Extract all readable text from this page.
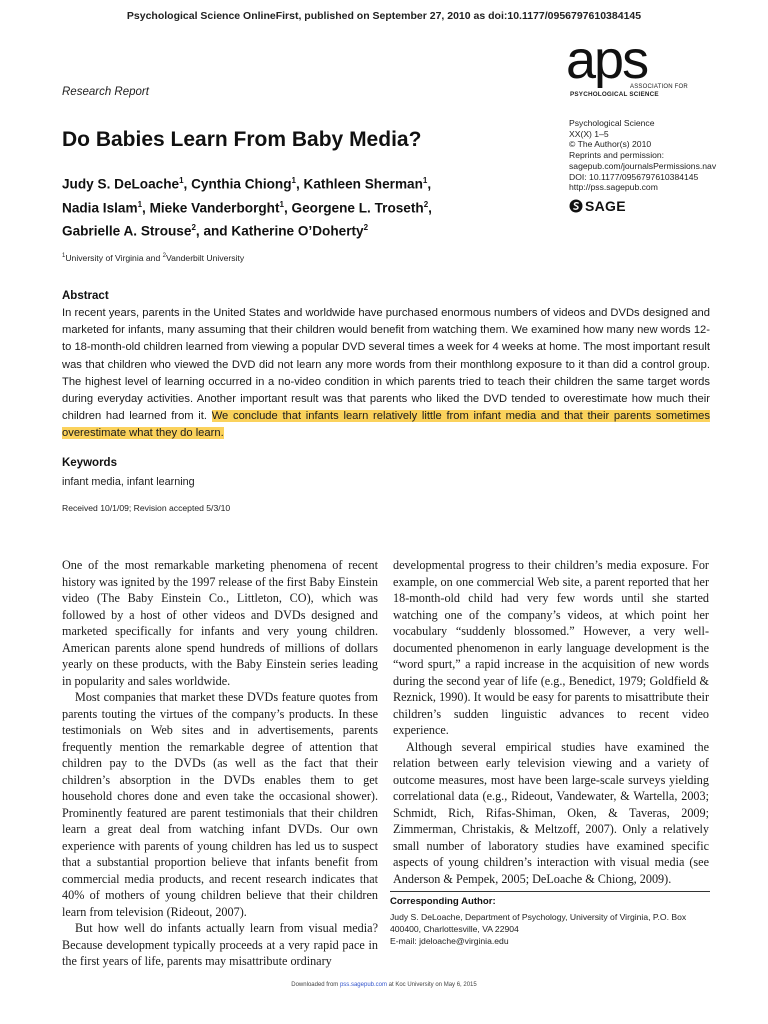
Psychological Science OnlineFirst, published on September 27, 2010 as doi:10.1177/0956797610384145
aps
ASSOCIATION FOR
PSYCHOLOGICAL SCIENCE
Research Report
Do Babies Learn From Baby Media?
Psychological Science
XX(X) 1–5
© The Author(s) 2010
Reprints and permission:
sagepub.com/journalsPermissions.nav
DOI: 10.1177/0956797610384145
http://pss.sagepub.com
SAGE
Judy S. DeLoache$^1$, Cynthia Chiong$^1$, Kathleen Sherman$^1$,
Nadia Islam$^1$, Mieke Vanderborght$^1$, Georgene L. Troseth$^2$,
Gabrielle A. Strouse$^2$, and Katherine O’Doherty$^2$
$^1$University of Virginia and $^2$Vanderbilt University
Abstract
In recent years, parents in the United States and worldwide have purchased enormous numbers of videos and DVDs designed and marketed for infants, many assuming that their children would benefit from watching them. We examined how many new words 12- to 18-month-old children learned from viewing a popular DVD several times a week for 4 weeks at home. The most important result was that children who viewed the DVD did not learn any more words from their monthlong exposure to it than did a control group. The highest level of learning occurred in a no-video condition in which parents tried to teach their children the same target words during everyday activities. Another important result was that parents who liked the DVD tended to overestimate how much their children had learned from it. We conclude that infants learn relatively little from infant media and that their parents sometimes overestimate what they do learn.
Keywords
infant media, infant learning
Received 10/1/09; Revision accepted 5/3/10

One of the most remarkable marketing phenomena of recent history was ignited by the 1997 release of the first Baby Einstein video (The Baby Einstein Co., Littleton, CO), which was followed by a host of other videos and DVDs designed and marketed specifically for infants and very young children. American parents alone spend hundreds of millions of dollars yearly on these products, with the Baby Einstein series leading in popularity and sales worldwide.

Most companies that market these DVDs feature quotes from parents touting the virtues of the company’s products. In these testimonials on Web sites and in advertisements, parents frequently mention the remarkable degree of attention that children pay to the DVDs (as well as the fact that their children’s absorption in the DVDs enables them to get household chores done and even take the occasional shower). Prominently featured are parent testimonials that their children learn a great deal from watching infant DVDs. Our own experience with parents of young children has led us to suspect that a substantial proportion believe that infants benefit from commercial media products, and recent research indicates that 40% of mothers of young children believe that their children learn from television (Rideout, 2007).

But how well do infants actually learn from visual media? Because development typically proceeds at a very rapid pace in the first years of life, parents may misattribute ordinary

developmental progress to their children’s media exposure. For example, on one commercial Web site, a parent reported that her 18-month-old child had very few words until she started watching one of the company’s videos, at which point her vocabulary “suddenly blossomed.” However, a very well-documented phenomenon in early language development is the “word spurt,” a rapid increase in the acquisition of new words during the second year of life (e.g., Benedict, 1979; Goldfield & Reznick, 1990). It would be easy for parents to misattribute their children’s sudden linguistic advances to recent video experience.

Although several empirical studies have examined the relation between early television viewing and a variety of outcome measures, most have been large-scale surveys yielding correlational data (e.g., Rideout, Vandewater, & Wartella, 2003; Schmidt, Rich, Rifas-Shiman, Oken, & Taveras, 2009; Zimmerman, Christakis, & Meltzoff, 2007). Only a relatively small number of laboratory studies have examined specific aspects of young children’s interaction with visual media (see Anderson & Pempek, 2005; DeLoache & Chiong, 2009).

Corresponding Author:
Judy S. DeLoache, Department of Psychology, University of Virginia, P.O. Box
400400, Charlottesville, VA 22904
E-mail: jdeloache@virginia.edu
Downloaded from pss.sagepub.com at Koc University on May 6, 2015
